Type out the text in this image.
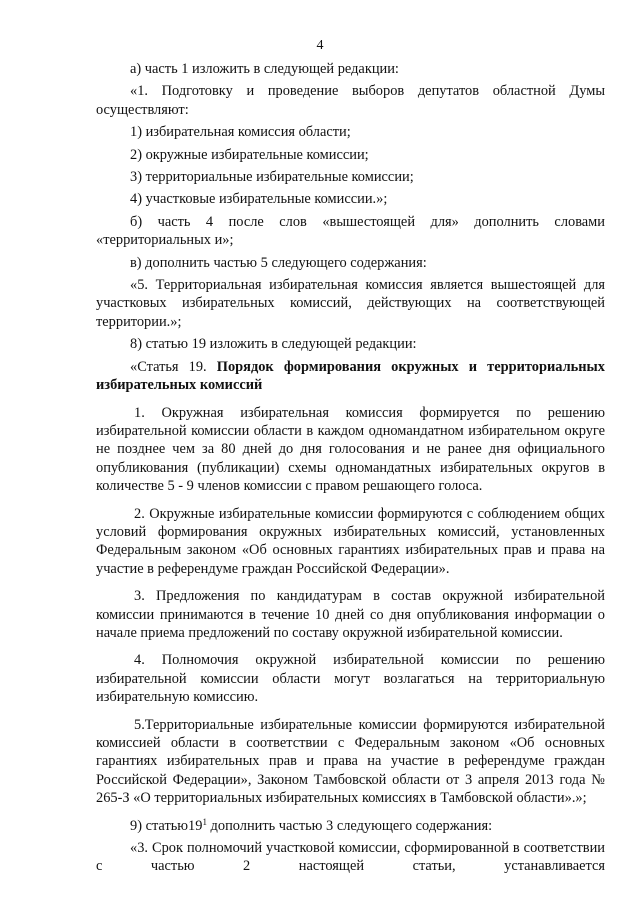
4

а) часть 1 изложить в следующей редакции:

«1. Подготовку и проведение выборов депутатов областной Думы осуществляют:

1) избирательная комиссия области;

2) окружные избирательные комиссии;

3) территориальные избирательные комиссии;

4) участковые избирательные комиссии.»;

б) часть 4 после слов «вышестоящей для» дополнить словами «территориальных и»;

в) дополнить частью 5 следующего содержания:

«5. Территориальная избирательная комиссия является вышестоящей для участковых избирательных комиссий, действующих на соответствующей территории.»;

8) статью 19 изложить в следующей редакции:

«Статья 19. Порядок формирования окружных и территориальных избирательных комиссий

1. Окружная избирательная комиссия формируется по решению избирательной комиссии области в каждом одномандатном избирательном округе не позднее чем за 80 дней до дня голосования и не ранее дня официального опубликования (публикации) схемы одномандатных избирательных округов в количестве 5 - 9 членов комиссии с правом решающего голоса.

2. Окружные избирательные комиссии формируются с соблюдением общих условий формирования окружных избирательных комиссий, установленных Федеральным законом «Об основных гарантиях избирательных прав и права на участие в референдуме граждан Российской Федерации».

3. Предложения по кандидатурам в состав окружной избирательной комиссии принимаются в течение 10 дней со дня опубликования информации о начале приема предложений по составу окружной избирательной комиссии.

4. Полномочия окружной избирательной комиссии по решению избирательной комиссии области могут возлагаться на территориальную избирательную комиссию.

5.Территориальные избирательные комиссии формируются избирательной комиссией области в соответствии с Федеральным законом «Об основных гарантиях избирательных прав и права на участие в референдуме граждан Российской Федерации», Законом Тамбовской области от 3 апреля 2013 года № 265-З «О территориальных избирательных комиссиях в Тамбовской области».»;

9) $статью19^1$ дополнить частью 3 следующего содержания:

«3. Срок полномочий участковой комиссии, сформированной в соответствии с частью 2 настоящей статьи, устанавливается
